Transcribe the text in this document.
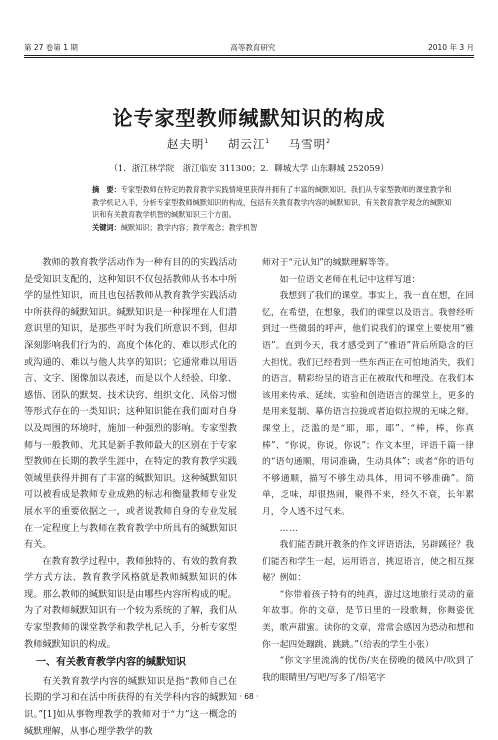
第 27 卷第 1 期	高等教育研究	2010 年 3 月
论专家型教师缄默知识的构成
赵夫明$^1$ 胡云江$^1$ 马雪明$^2$
（1．浙江林学院　浙江临安 311300；2．聊城大学 山东聊城 252059）

摘　要：专家型教师在特定的教育教学实践情境里获得并拥有了丰富的缄默知识。我们从专家型教师的课堂教学和教学机记入手，分析专家型教师缄默知识的构成，包括有关教育教学内容的缄默知识、有关教育教学观念的缄默知识和有关教育教学机智的缄默知识三个方面。

关键词：缄默知识；教学内容；教学观念；教学机智

教师的教育教学活动作为一种有目的的实践活动是受知识支配的，这种知识不仅包括教师从书本中所学的显性知识，而且也包括教师从教育教学实践活动中所获得的缄默知识。缄默知识是一种探埋在人们潜意识里的知识，是那些平时为我们所意识不到，但却深刻影响我们行为的、高度个体化的、难以形式化的或沟通的、难以与他人共享的知识；它通常难以用语言、文字、图像加以表述，而是以个人经验、印象、感悟、团队的默契、技术诀窍、组织文化、风俗习惯等形式存在的一类知识；这种知识能在我们面对自身以及周围的环境时，施加一种强烈的影响。专家型教师与一般教师、尤其是新手教师最大的区别在于专家型教师在长期的教学生涯中，在特定的教育教学实践领域里获得并拥有了丰富的缄默知识。这种缄默知识可以被看成是教师专业成熟的标志和衡量教师专业发展水平的重要依据之一，或者说教师自身的专业发展在一定程度上与教师在教育教学中所具有的缄默知识有关。

在教育教学过程中，教师独特的、有效的教育教学方式方法、教育教学风格就是教师缄默知识的体现。那么教师的缄默知识是由哪些内容所构成的呢。为了对教师缄默知识有一个较为系统的了解，我们从专家型教师的课堂教学和教学札记入手，分析专家型教师缄默知识的构成。

一、有关教育教学内容的缄默知识

有关教育教学内容的缄默知识是指“教师自己在长期的学习和在活中所获得的有关学科内容的缄默知识。”[1]如从事物理教学的教师对于“力”这一概念的缄默理解，从事心理学教学的教

师对于“元认知”的缄默理解等等。

如一位语文老师在札记中这样写道：

我想到了我们的课堂。事实上，我一直在想，在回忆，在希望，在想象，我们的课堂以及语言。我曾经听到过一些微弱的呼声，他们说我们的课堂上要使用“雅语”。直到今天，我才感受到了“雅语”背后所隐含的巨大担忧。我们已经看到一些东西正在可怕地消失，我们的语言，精彩纷呈的语言正在被取代和埋没。在我们本该用来传承、延续、实验和创造语言的课堂上，更多的是用来复制、摹仿语言拉拢或者迫似拉规的无味之辩。课堂上，泛滥的是“耶，耶，耶”、“棒，棒，你真棒”、“你说，你说，你说”；作文本里，评语千篇一律的“语句通顺，用词准确，生动具体”；或者“你的语句不够通顺，描写不够生动具体，用词不够准确”。简单，乏味，却很热闹，聚得不来，经久不衰，长年累月，令人透不过气来。

……

我们能否跳开教条的作文评语语法，另辟蹊径？我们能否和学生一起，运用语言，挑逗语言，使之相互探秘？例如：

“你带着孩子特有的纯真，游过这地旅行灵动的童年故事。你的文章，是节日里的一段歌舞，你舞姿优美，歌声甜蜜。读你的文章，常常会感因为恐动和想和你一起四处蹦跳、跳跳。”（给表的学生小张）

“你文字里流淌的忧伤/夹在傍晚的微风中/吹到了我的眼睛里/写吧/写多了/铅笔字

· 68 ·
